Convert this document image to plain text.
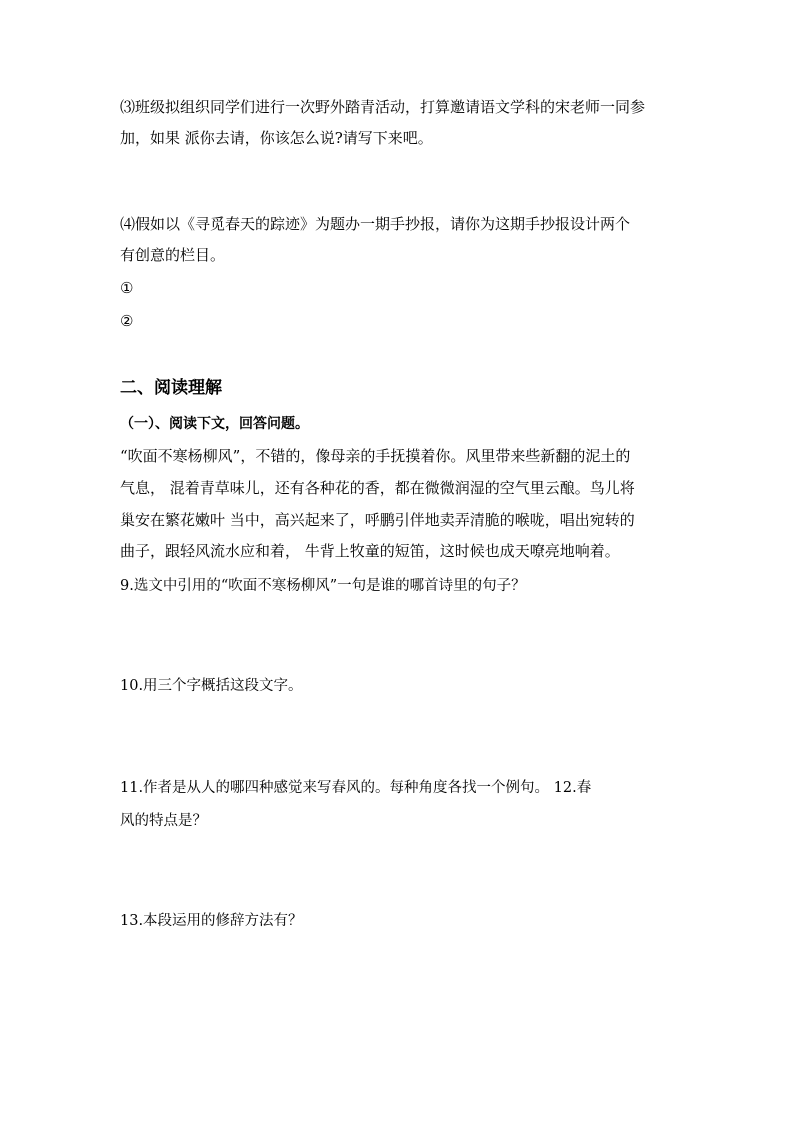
⑶班级拟组织同学们进行一次野外踏青活动，打算邀请语文学科的宋老师一同参
加，如果 派你去请，你该怎么说?请写下来吧。
⑷假如以《寻觅春天的踪迹》为题办一期手抄报，请你为这期手抄报设计两个
有创意的栏目。
①
②
二、阅读理解
（一）、阅读下文，回答问题。
“吹面不寒杨柳风”，不错的，像母亲的手抚摸着你。风里带来些新翻的泥土的
气息， 混着青草味儿，还有各种花的香，都在微微润湿的空气里云酿。鸟儿将
巢安在繁花嫩叶 当中，高兴起来了，呼鹏引伴地卖弄清脆的喉咙，唱出宛转的
曲子，跟轻风流水应和着， 牛背上牧童的短笛，这时候也成天嘹亮地响着。
9.选文中引用的“吹面不寒杨柳风”一句是谁的哪首诗里的句子？
10.用三个字概括这段文字。
11.作者是从人的哪四种感觉来写春风的。每种角度各找一个例句。 12.春
风的特点是？
13.本段运用的修辞方法有？
